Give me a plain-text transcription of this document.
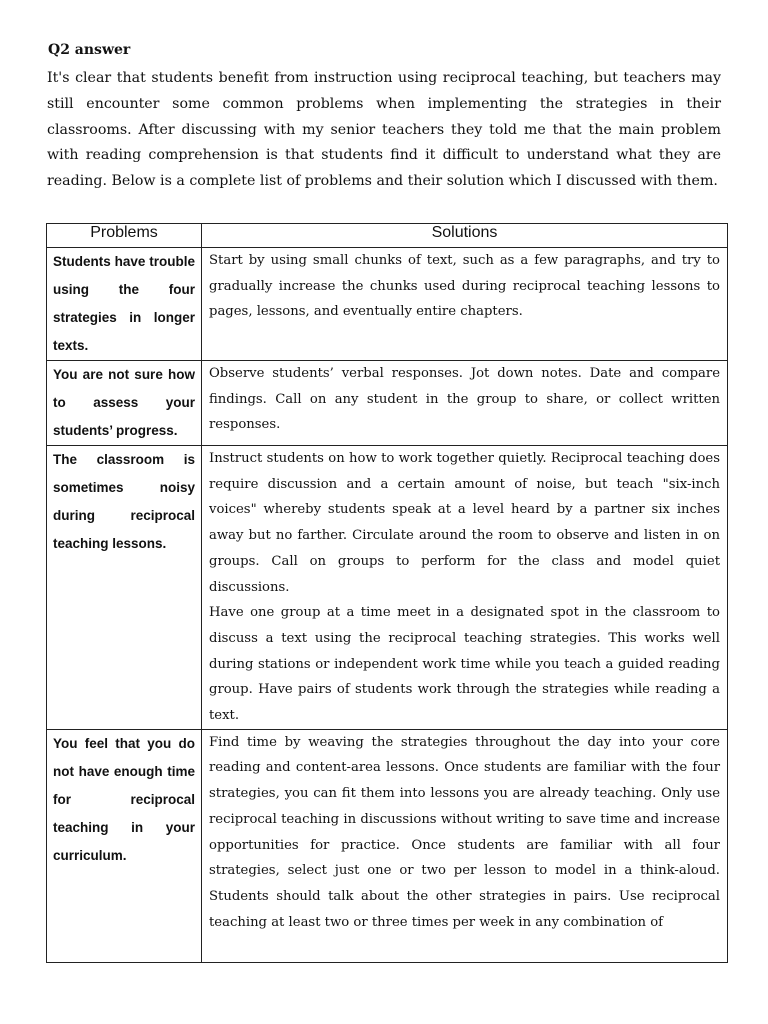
Q2 answer

It's clear that students benefit from instruction using reciprocal teaching, but teachers may still encounter some common problems when implementing the strategies in their classrooms. After discussing with my senior teachers they told me that the main problem with reading comprehension is that students find it difficult to understand what they are reading. Below is a complete list of problems and their solution which I discussed with them.

Problems	Solutions
Students have trouble using the four strategies in longer texts.	Start by using small chunks of text, such as a few paragraphs, and try to gradually increase the chunks used during reciprocal teaching lessons to pages, lessons, and eventually entire chapters.

You are not sure how to assess your students’ progress.	Observe students’ verbal responses. Jot down notes. Date and compare findings. Call on any student in the group to share, or collect written responses.

The classroom is sometimes noisy during reciprocal teaching lessons.	Instruct students on how to work together quietly. Reciprocal teaching does require discussion and a certain amount of noise, but teach "six-inch voices" whereby students speak at a level heard by a partner six inches away but no farther. Circulate around the room to observe and listen in on groups. Call on groups to perform for the class and model quiet discussions.

Have one group at a time meet in a designated spot in the classroom to discuss a text using the reciprocal teaching strategies. This works well during stations or independent work time while you teach a guided reading group. Have pairs of students work through the strategies while reading a text.

You feel that you do not have enough time for reciprocal teaching in your curriculum.	Find time by weaving the strategies throughout the day into your core reading and content-area lessons. Once students are familiar with the four strategies, you can fit them into lessons you are already teaching. Only use reciprocal teaching in discussions without writing to save time and increase opportunities for practice. Once students are familiar with all four strategies, select just one or two per lesson to model in a think-aloud. Students should talk about the other strategies in pairs. Use reciprocal teaching at least two or three times per week in any combination of
